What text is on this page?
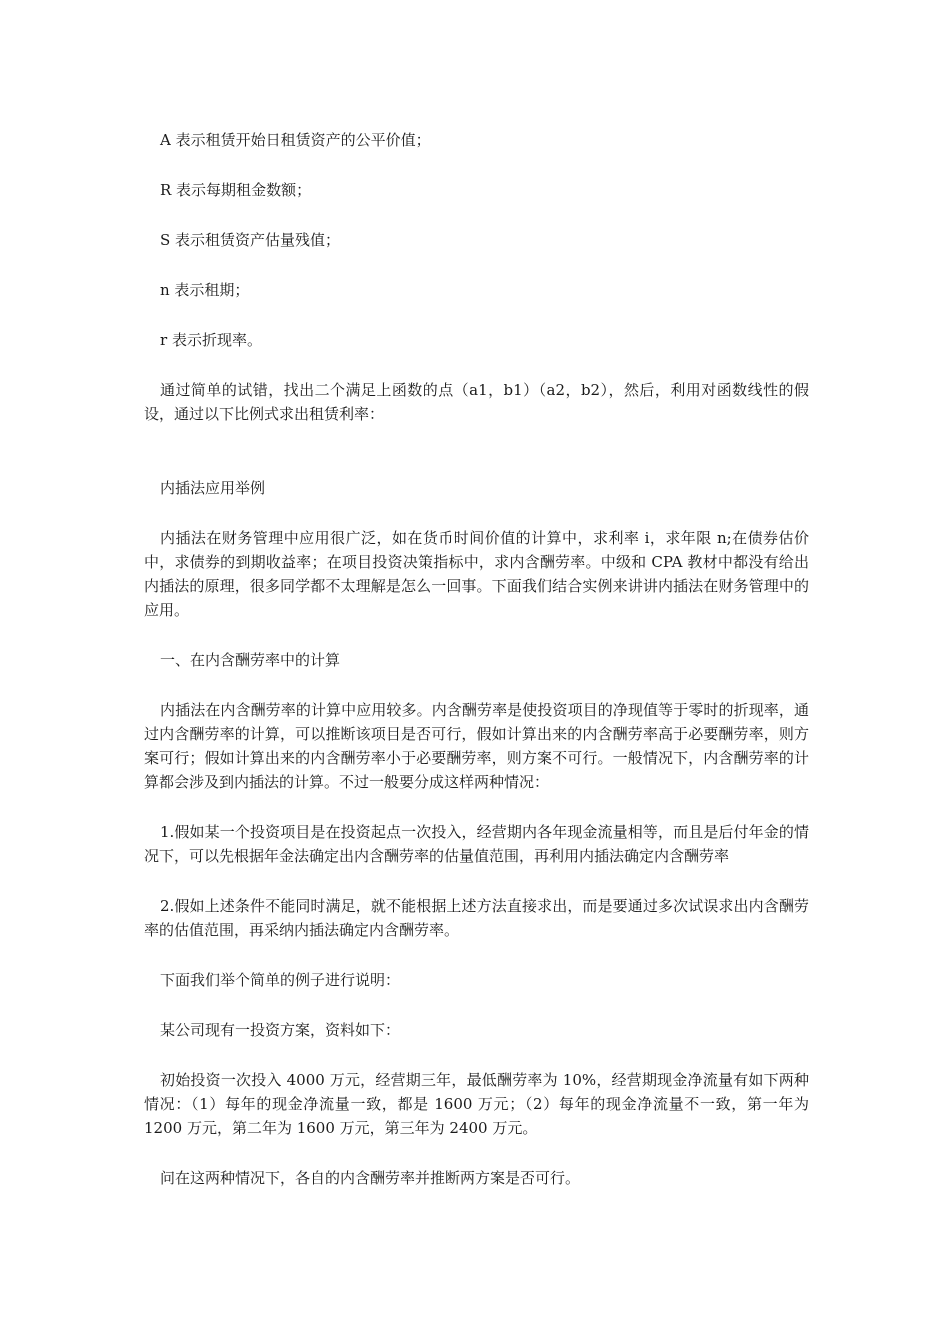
A 表示租赁开始日租赁资产的公平价值；

R 表示每期租金数额；

S 表示租赁资产估量残值；

n 表示租期；

r 表示折现率。

通过简单的试错，找出二个满足上函数的点（a1，b1）（a2，b2），然后，利用对函数线性的假设，通过以下比例式求出租赁利率：

内插法应用举例

内插法在财务管理中应用很广泛，如在货币时间价值的计算中，求利率 i，求年限 n;在债券估价中，求债券的到期收益率；在项目投资决策指标中，求内含酬劳率。中级和 CPA 教材中都没有给出内插法的原理，很多同学都不太理解是怎么一回事。下面我们结合实例来讲讲内插法在财务管理中的应用。

一、在内含酬劳率中的计算

内插法在内含酬劳率的计算中应用较多。内含酬劳率是使投资项目的净现值等于零时的折现率，通过内含酬劳率的计算，可以推断该项目是否可行，假如计算出来的内含酬劳率高于必要酬劳率，则方案可行；假如计算出来的内含酬劳率小于必要酬劳率，则方案不可行。一般情况下，内含酬劳率的计算都会涉及到内插法的计算。不过一般要分成这样两种情况：

1.假如某一个投资项目是在投资起点一次投入，经营期内各年现金流量相等，而且是后付年金的情况下，可以先根据年金法确定出内含酬劳率的估量值范围，再利用内插法确定内含酬劳率

2.假如上述条件不能同时满足，就不能根据上述方法直接求出，而是要通过多次试误求出内含酬劳率的估值范围，再采纳内插法确定内含酬劳率。

下面我们举个简单的例子进行说明：

某公司现有一投资方案，资料如下：

初始投资一次投入 4000 万元，经营期三年，最低酬劳率为 10%，经营期现金净流量有如下两种情况：（1）每年的现金净流量一致，都是 1600 万元；（2）每年的现金净流量不一致，第一年为 1200 万元，第二年为 1600 万元，第三年为 2400 万元。

问在这两种情况下，各自的内含酬劳率并推断两方案是否可行。
